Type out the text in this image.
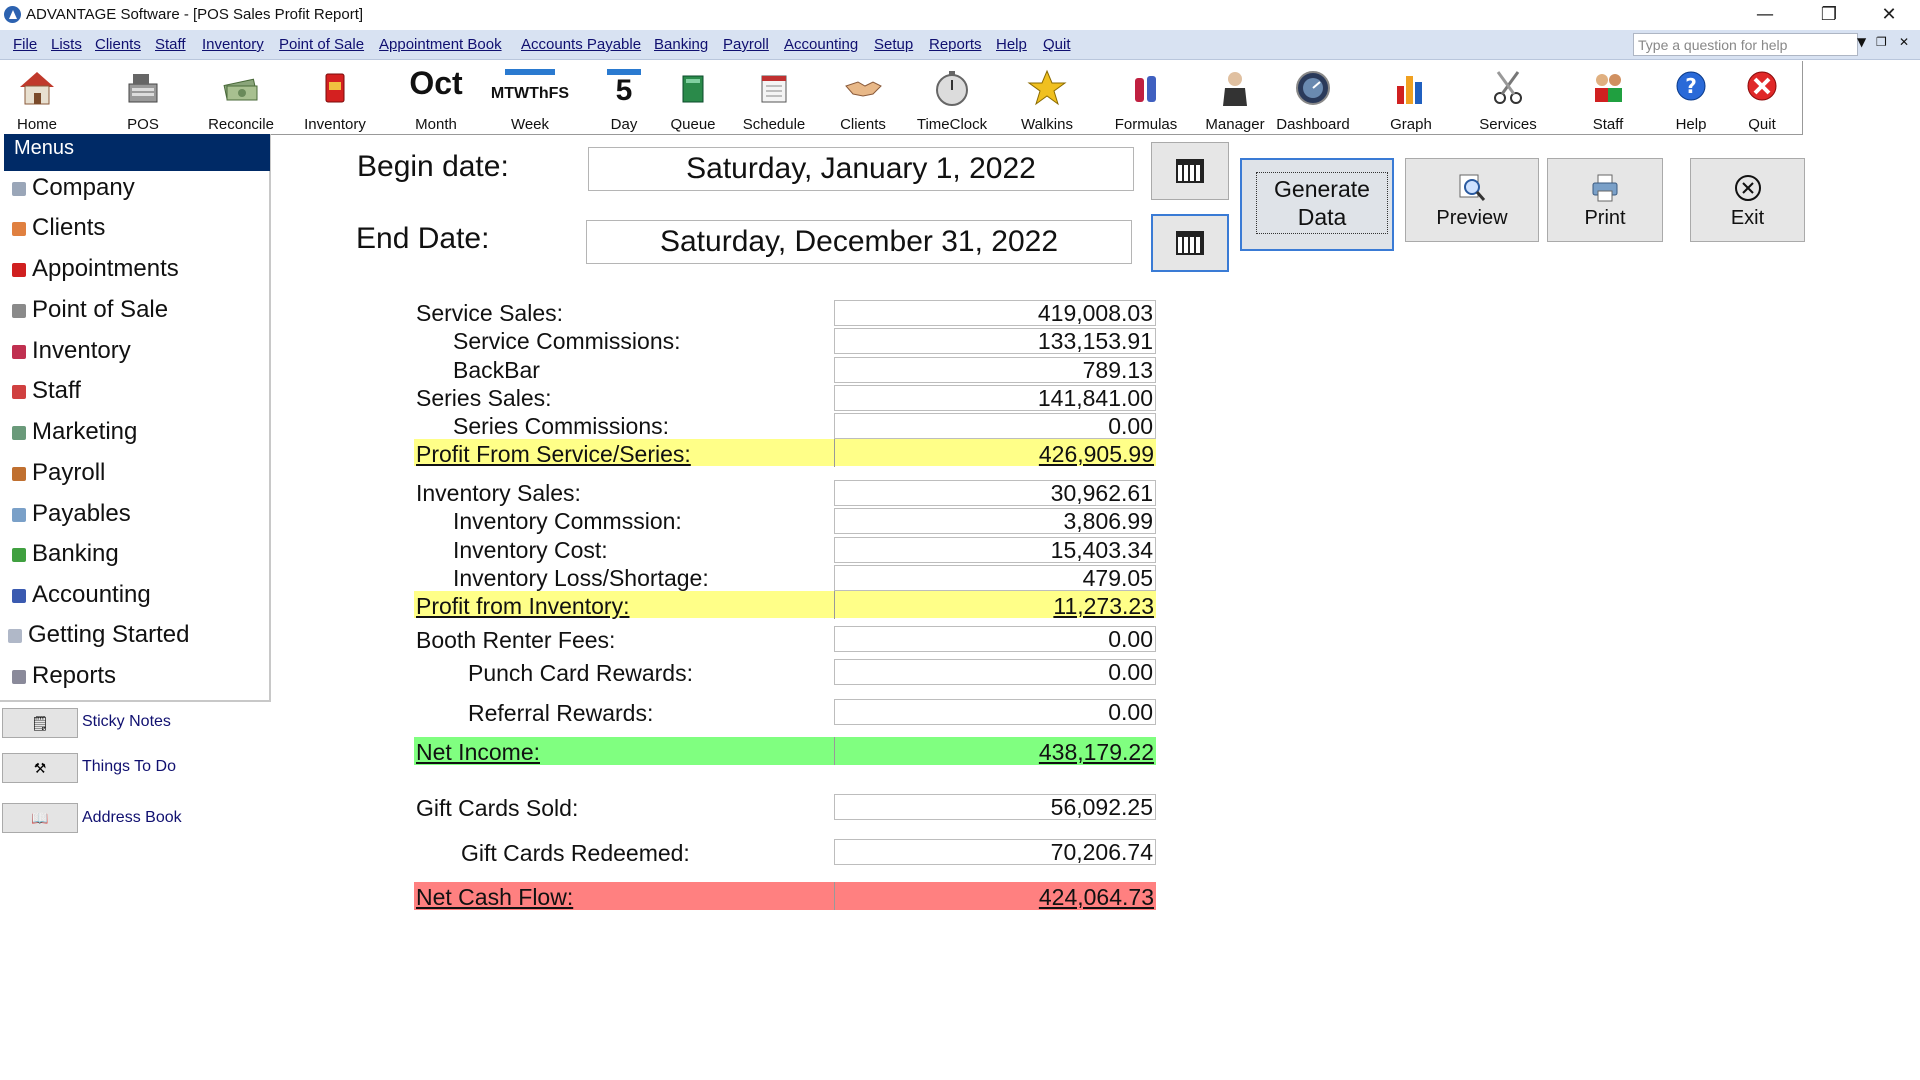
ADVANTAGE Software - [POS Sales Profit Report]	—	❐	✕
File Lists Clients Staff Inventory Point of Sale Appointment Book Accounts Payable Banking Payroll Accounting Setup Reports Help Quit	Type a question for help	▼ ❐ ✕
Home	POS	Reconcile	Inventory
Oct
Month
MTWThFS
Week
5
Day	Queue	Schedule	Clients	TimeClock	Walkins	Formulas	Manager Dashboard	Graph	Services	Staff
?
Help	Quit
Menus
Company
Clients
Appointments
Point of Sale
Inventory
Staff
Marketing
Payroll
Payables
Banking
Accounting
Getting Started
Reports
🗒	Sticky Notes
⚒	Things To Do
📖	Address Book
Begin date:	Saturday, January 1, 2022
End Date:	Saturday, December 31, 2022
Generate
Data	Preview	Print	Exit
Service Sales:	419,008.03
Service Commissions:	133,153.91
BackBar	789.13
Series Sales:	141,841.00
Series Commissions:	0.00
Profit From Service/Series:	426,905.99
Inventory Sales:	30,962.61
Inventory Commssion:	3,806.99
Inventory Cost:	15,403.34
Inventory Loss/Shortage:	479.05
Profit from Inventory:	11,273.23
Booth Renter Fees:	0.00
Punch Card Rewards:	0.00
Referral Rewards:	0.00
Net Income:	438,179.22
Gift Cards Sold:	56,092.25
Gift Cards Redeemed:	70,206.74
Net Cash Flow:	424,064.73
